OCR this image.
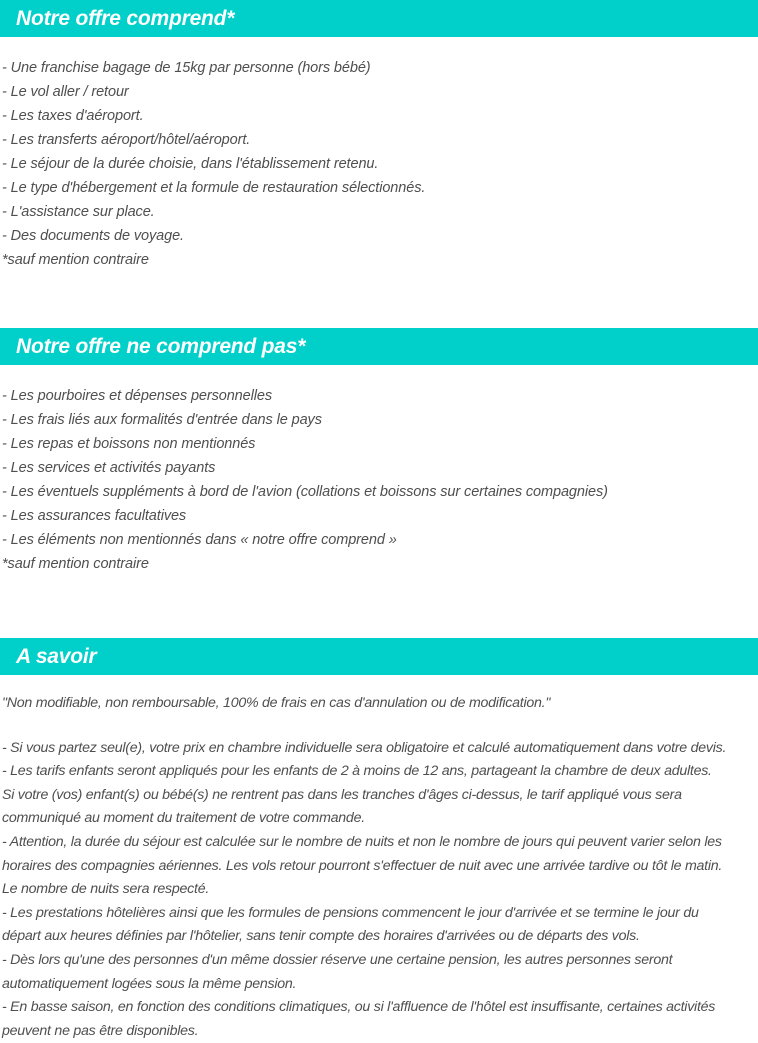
Notre offre comprend*
- Une franchise bagage de 15kg par personne (hors bébé)
- Le vol aller / retour
- Les taxes d'aéroport.
- Les transferts aéroport/hôtel/aéroport.
- Le séjour de la durée choisie, dans l'établissement retenu.
- Le type d'hébergement et la formule de restauration sélectionnés.
- L'assistance sur place.
- Des documents de voyage.
*sauf mention contraire
Notre offre ne comprend pas*
- Les pourboires et dépenses personnelles
- Les frais liés aux formalités d'entrée dans le pays
- Les repas et boissons non mentionnés
- Les services et activités payants
- Les éventuels suppléments à bord de l'avion (collations et boissons sur certaines compagnies)
- Les assurances facultatives
- Les éléments non mentionnés dans « notre offre comprend »
*sauf mention contraire
A savoir
"Non modifiable, non remboursable, 100% de frais en cas d'annulation ou de modification."
- Si vous partez seul(e), votre prix en chambre individuelle sera obligatoire et calculé automatiquement dans votre devis.
- Les tarifs enfants seront appliqués pour les enfants de 2 à moins de 12 ans, partageant la chambre de deux adultes.
Si votre (vos) enfant(s) ou bébé(s) ne rentrent pas dans les tranches d'âges ci-dessus, le tarif appliqué vous sera
communiqué au moment du traitement de votre commande.
- Attention, la durée du séjour est calculée sur le nombre de nuits et non le nombre de jours qui peuvent varier selon les
horaires des compagnies aériennes. Les vols retour pourront s'effectuer de nuit avec une arrivée tardive ou tôt le matin.
Le nombre de nuits sera respecté.
- Les prestations hôtelières ainsi que les formules de pensions commencent le jour d'arrivée et se termine le jour du
départ aux heures définies par l'hôtelier, sans tenir compte des horaires d'arrivées ou de départs des vols.
- Dès lors qu'une des personnes d'un même dossier réserve une certaine pension, les autres personnes seront
automatiquement logées sous la même pension.
- En basse saison, en fonction des conditions climatiques, ou si l'affluence de l'hôtel est insuffisante, certaines activités
peuvent ne pas être disponibles.
